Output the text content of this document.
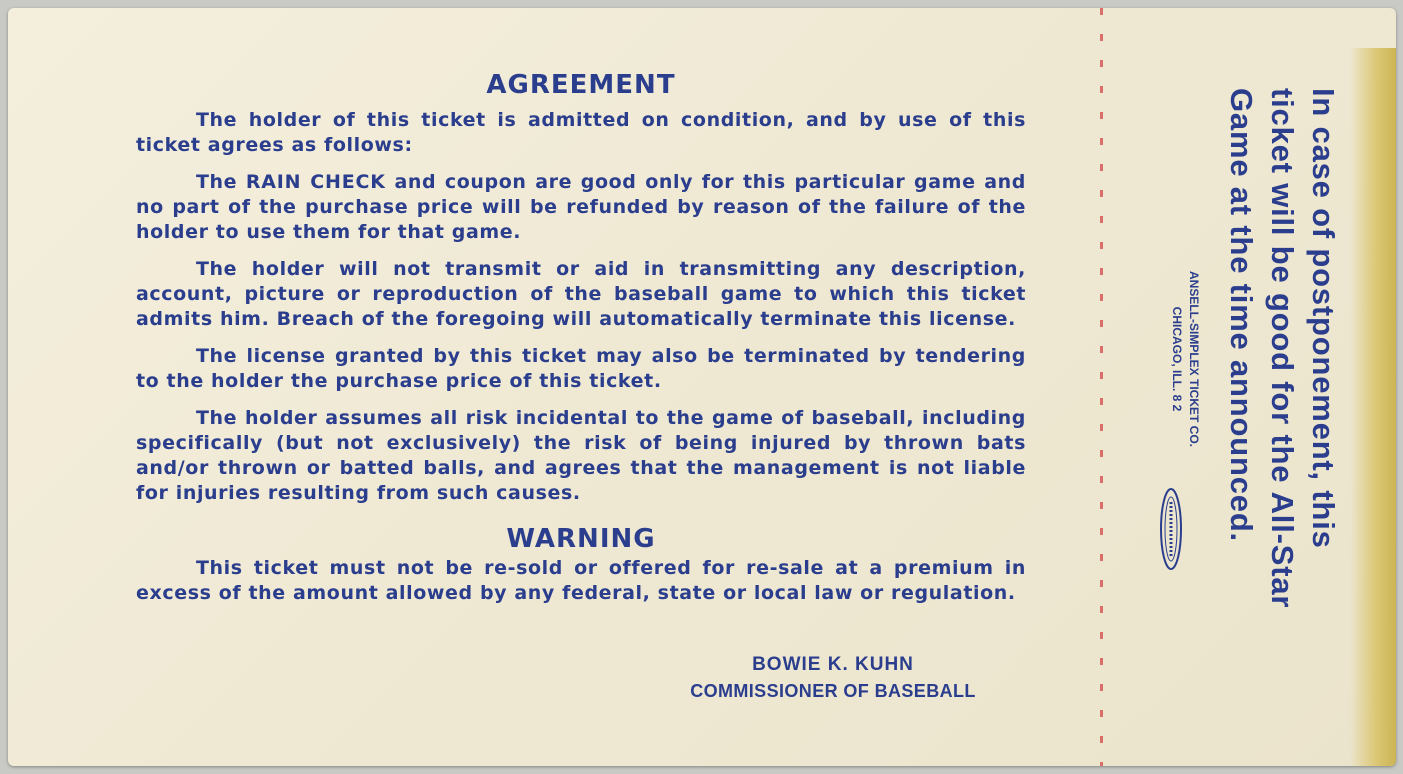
AGREEMENT

The holder of this ticket is admitted on condition, and by use of this ticket agrees as follows:

The RAIN CHECK and coupon are good only for this particular game and no part of the purchase price will be refunded by reason of the failure of the holder to use them for that game.

The holder will not transmit or aid in transmitting any description, account, picture or reproduction of the baseball game to which this ticket admits him. Breach of the foregoing will automatically terminate this license.

The license granted by this ticket may also be terminated by tendering to the holder the purchase price of this ticket.

The holder assumes all risk incidental to the game of baseball, including specifically (but not exclusively) the risk of being injured by thrown bats and/or thrown or batted balls, and agrees that the management is not liable for injuries resulting from such causes.

WARNING

This ticket must not be re-sold or offered for re-sale at a premium in excess of the amount allowed by any federal, state or local law or regulation.

BOWIE K. KUHN
COMMISSIONER OF BASEBALL
In case of postponement, this
ticket will be good for the All-Star
Game at the time announced.
ANSELL-SIMPLEX TICKET CO.
CHICAGO, ILL. 8 2
